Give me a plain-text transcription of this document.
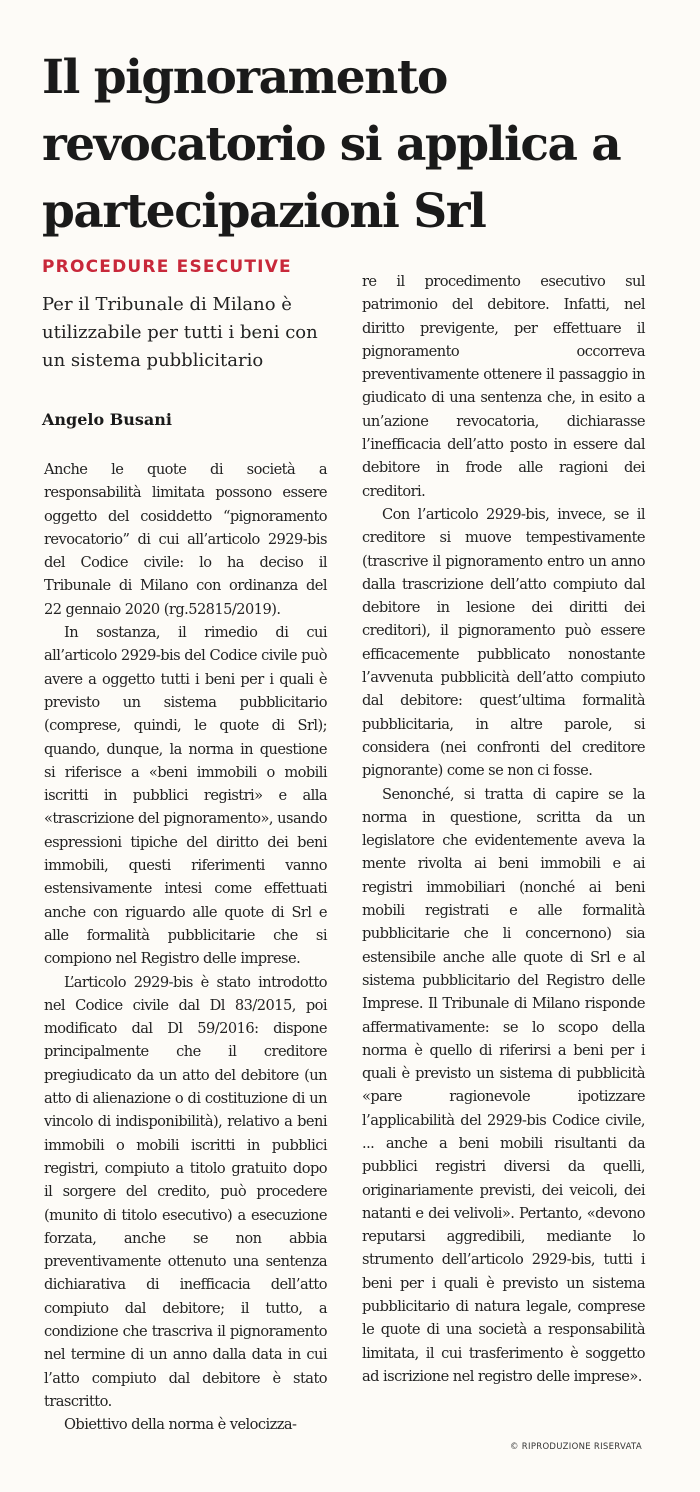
Il pignoramento revocatorio si applica a partecipazioni Srl
PROCEDURE ESECUTIVE

Per il Tribunale di Milano è utilizzabile per tutti i beni con un sistema pubblicitario

Angelo Busani

Anche le quote di società a responsabilità limitata possono essere oggetto del cosiddetto “pignoramento revocatorio” di cui all’articolo 2929-bis del Codice civile: lo ha deciso il Tribunale di Milano con ordinanza del 22 gennaio 2020 (rg.52815/2019).

In sostanza, il rimedio di cui all’articolo 2929-bis del Codice civile può avere a oggetto tutti i beni per i quali è previsto un sistema pubblicitario (comprese, quindi, le quote di Srl); quando, dunque, la norma in questione si riferisce a «beni immobili o mobili iscritti in pubblici registri» e alla «trascrizione del pignoramento», usando espressioni tipiche del diritto dei beni immobili, questi riferimenti vanno estensivamente intesi come effettuati anche con riguardo alle quote di Srl e alle formalità pubblicitarie che si compiono nel Registro delle imprese.

L’articolo 2929-bis è stato introdotto nel Codice civile dal Dl 83/2015, poi modificato dal Dl 59/2016: dispone principalmente che il creditore pregiudicato da un atto del debitore (un atto di alienazione o di costituzione di un vincolo di indisponibilità), relativo a beni immobili o mobili iscritti in pubblici registri, compiuto a titolo gratuito dopo il sorgere del credito, può procedere (munito di titolo esecutivo) a esecuzione forzata, anche se non abbia preventivamente ottenuto una sentenza dichiarativa di inefficacia dell’atto compiuto dal debitore; il tutto, a condizione che trascriva il pignoramento nel termine di un anno dalla data in cui l’atto compiuto dal debitore è stato trascritto.

Obiettivo della norma è velocizza-

re il procedimento esecutivo sul patrimonio del debitore. Infatti, nel diritto previgente, per effettuare il pignoramento occorreva preventivamente ottenere il passaggio in giudicato di una sentenza che, in esito a un’azione revocatoria, dichiarasse l’inefficacia dell’atto posto in essere dal debitore in frode alle ragioni dei creditori.

Con l’articolo 2929-bis, invece, se il creditore si muove tempestivamente (trascrive il pignoramento entro un anno dalla trascrizione dell’atto compiuto dal debitore in lesione dei diritti dei creditori), il pignoramento può essere efficacemente pubblicato nonostante l’avvenuta pubblicità dell’atto compiuto dal debitore: quest’ultima formalità pubblicitaria, in altre parole, si considera (nei confronti del creditore pignorante) come se non ci fosse.

Senonché, si tratta di capire se la norma in questione, scritta da un legislatore che evidentemente aveva la mente rivolta ai beni immobili e ai registri immobiliari (nonché ai beni mobili registrati e alle formalità pubblicitarie che li concernono) sia estensibile anche alle quote di Srl e al sistema pubblicitario del Registro delle Imprese. Il Tribunale di Milano risponde affermativamente: se lo scopo della norma è quello di riferirsi a beni per i quali è previsto un sistema di pubblicità «pare ragionevole ipotizzare l’applicabilità del 2929-bis Codice civile, ... anche a beni mobili risultanti da pubblici registri diversi da quelli, originariamente previsti, dei veicoli, dei natanti e dei velivoli». Pertanto, «devono reputarsi aggredibili, mediante lo strumento dell’articolo 2929-bis, tutti i beni per i quali è previsto un sistema pubblicitario di natura legale, comprese le quote di una società a responsabilità limitata, il cui trasferimento è soggetto ad iscrizione nel registro delle imprese».

© RIPRODUZIONE RISERVATA
